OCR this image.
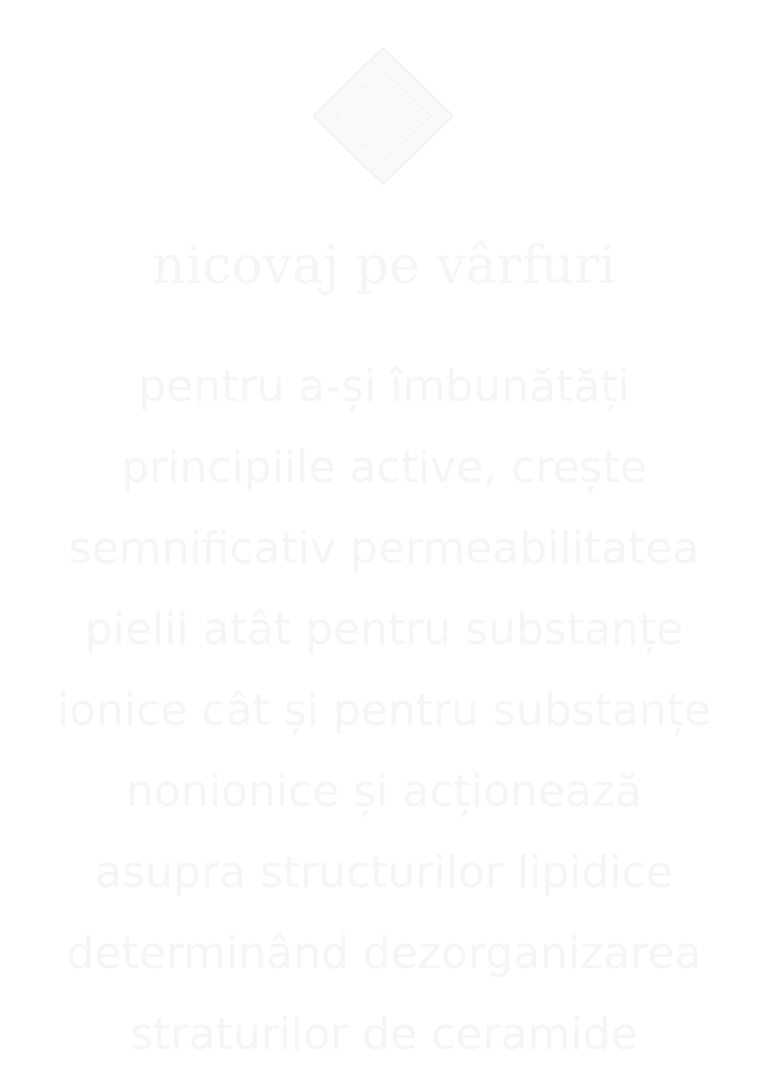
nicovaj pe vârfuri
pentru a-și îmbunătăți
principiile active, crește
semnificativ permeabilitatea
pielii atât pentru substanțe
ionice cât și pentru substanțe
nonionice și acționează
asupra structurilor lipidice
determinând dezorganizarea
straturilor de ceramide
